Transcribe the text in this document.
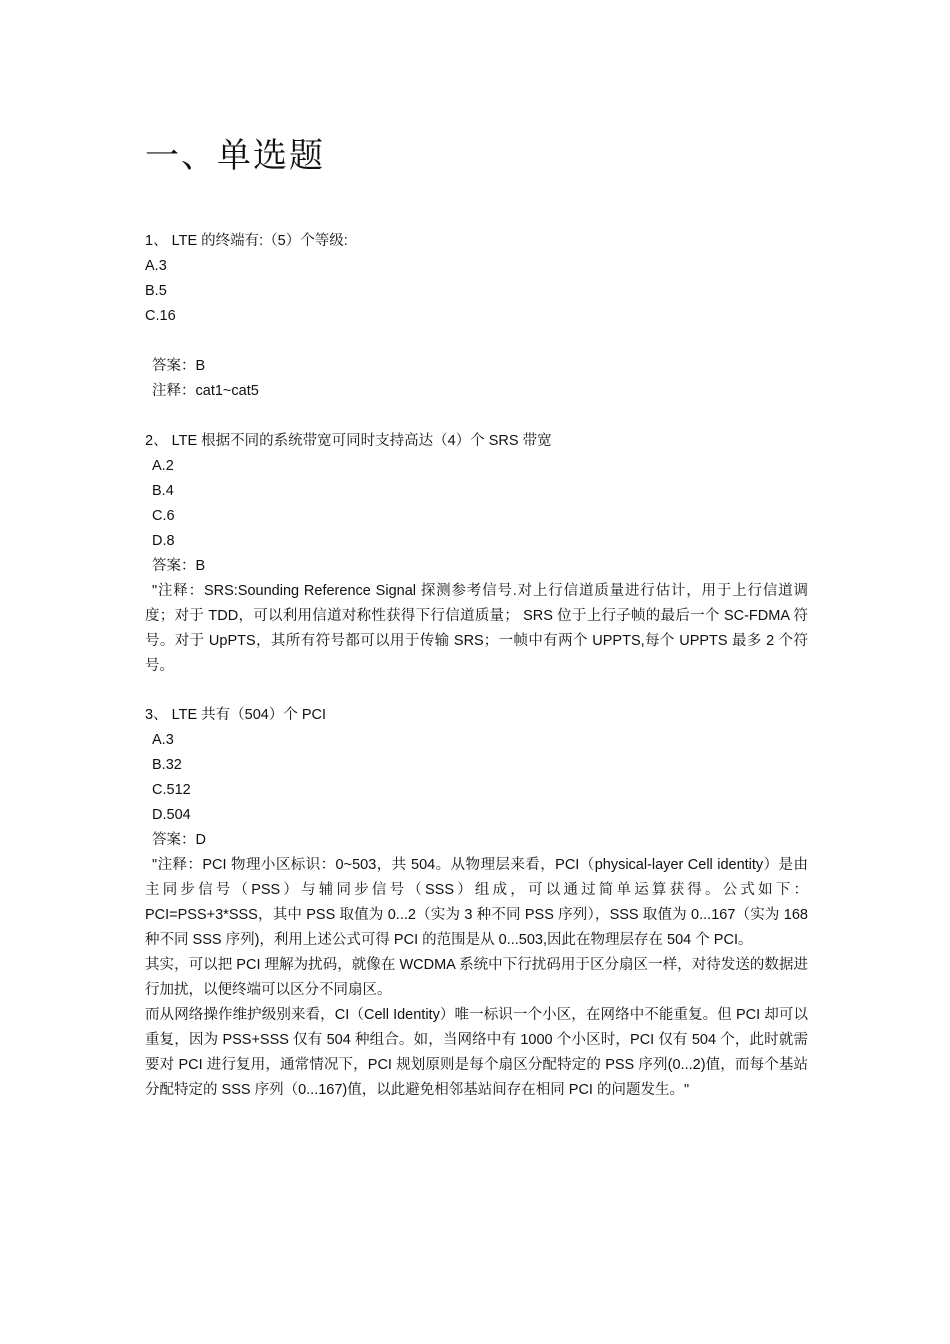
一、单选题
1、 LTE 的终端有:（5）个等级:
A.3
B.5
C.16
答案：B
注释：cat1~cat5
2、 LTE 根据不同的系统带宽可同时支持高达（4）个 SRS 带宽
A.2
B.4
C.6
D.8
答案：B

"注释：SRS:Sounding Reference Signal 探测参考信号.对上行信道质量进行估计，用于上行信道调度；对于 TDD，可以利用信道对称性获得下行信道质量； SRS 位于上行子帧的最后一个 SC-FDMA 符号。对于 UpPTS，其所有符号都可以用于传输 SRS；一帧中有两个 UPPTS,每个 UPPTS 最多 2 个符号。

3、 LTE 共有（504）个 PCI
A.3
B.32
C.512
D.504
答案：D
"注释：PCI 物理小区标识：0~503，共 504。从物理层来看，PCI（physical-layer Cell identity）是由主同步信号（PSS）与辅同步信号（SSS）组成，可以通过简单运算获得。公式如下：PCI=PSS+3*SSS，其中 PSS 取值为 0...2（实为 3 种不同 PSS 序列），SSS 取值为 0...167（实为 168 种不同 SSS 序列)，利用上述公式可得 PCI 的范围是从 0...503,因此在物理层存在 504 个 PCI。
其实，可以把 PCI 理解为扰码，就像在 WCDMA 系统中下行扰码用于区分扇区一样，对待发送的数据进行加扰，以便终端可以区分不同扇区。
而从网络操作维护级别来看，CI（Cell Identity）唯一标识一个小区，在网络中不能重复。但 PCI 却可以重复，因为 PSS+SSS 仅有 504 种组合。如，当网络中有 1000 个小区时，PCI 仅有 504 个，此时就需要对 PCI 进行复用，通常情况下，PCI 规划原则是每个扇区分配特定的 PSS 序列(0...2)值，而每个基站分配特定的 SSS 序列（0...167)值，以此避免相邻基站间存在相同 PCI 的问题发生。"
